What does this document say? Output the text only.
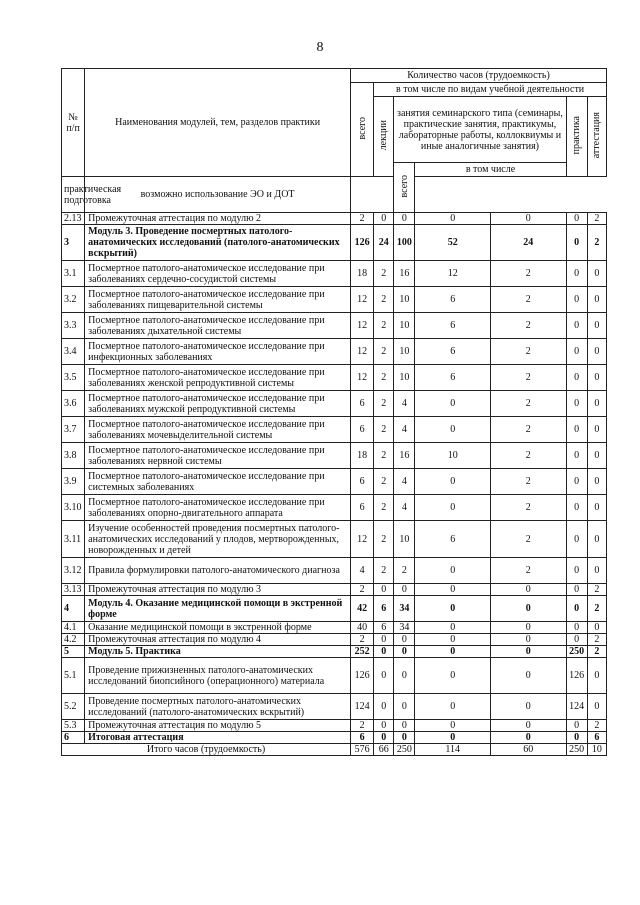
8
№ п/п	Наименования модулей, тем, разделов практики	Количество часов (трудоемкость)						
		всего	в том числе по видам учебной деятельности					
			лекции	занятия семинарского типа (семинары, практические занятия, практикумы, лабораторные работы, коллоквиумы и иные аналогичные занятия)			практика	аттестация
				всего	в том числе			
практическая подготовка	возможно использование ЭО и ДОТ							
2.13	Промежуточная аттестация по модулю 2	2	0	0	0	0	0	2
3	Модуль 3. Проведение посмертных патолого-анатомических исследований (патолого-анатомических вскрытий)	126	24	100	52	24	0	2
3.1	Посмертное патолого-анатомическое исследование при заболеваниях сердечно-сосудистой системы	18	2	16	12	2	0	0
3.2	Посмертное патолого-анатомическое исследование при заболеваниях пищеварительной системы	12	2	10	6	2	0	0
3.3	Посмертное патолого-анатомическое исследование при заболеваниях дыхательной системы	12	2	10	6	2	0	0
3.4	Посмертное патолого-анатомическое исследование при инфекционных заболеваниях	12	2	10	6	2	0	0
3.5	Посмертное патолого-анатомическое исследование при заболеваниях женской репродуктивной системы	12	2	10	6	2	0	0
3.6	Посмертное патолого-анатомическое исследование при заболеваниях мужской репродуктивной системы	6	2	4	0	2	0	0
3.7	Посмертное патолого-анатомическое исследование при заболеваниях мочевыделительной системы	6	2	4	0	2	0	0
3.8	Посмертное патолого-анатомическое исследование при заболеваниях нервной системы	18	2	16	10	2	0	0
3.9	Посмертное патолого-анатомическое исследование при системных заболеваниях	6	2	4	0	2	0	0
3.10	Посмертное патолого-анатомическое исследование при заболеваниях опорно-двигательного аппарата	6	2	4	0	2	0	0
3.11	Изучение особенностей проведения посмертных патолого-анатомических исследований у плодов, мертворожденных, новорожденных и детей	12	2	10	6	2	0	0
3.12	Правила формулировки патолого-анатомического диагноза	4	2	2	0	2	0	0
3.13	Промежуточная аттестация по модулю 3	2	0	0	0	0	0	2
4	Модуль 4. Оказание медицинской помощи в экстренной форме	42	6	34	0	0	0	2
4.1	Оказание медицинской помощи в экстренной форме	40	6	34	0	0	0	0
4.2	Промежуточная аттестация по модулю 4	2	0	0	0	0	0	2
5	Модуль 5. Практика	252	0	0	0	0	250	2
5.1	Проведение прижизненных патолого-анатомических исследований биопсийного (операционного) материала	126	0	0	0	0	126	0
5.2	Проведение посмертных патолого-анатомических исследований (патолого-анатомических вскрытий)	124	0	0	0	0	124	0
5.3	Промежуточная аттестация по модулю 5	2	0	0	0	0	0	2
6	Итоговая аттестация	6	0	0	0	0	0	6
Итого часов (трудоемкость)		576	66	250	114	60	250	10
